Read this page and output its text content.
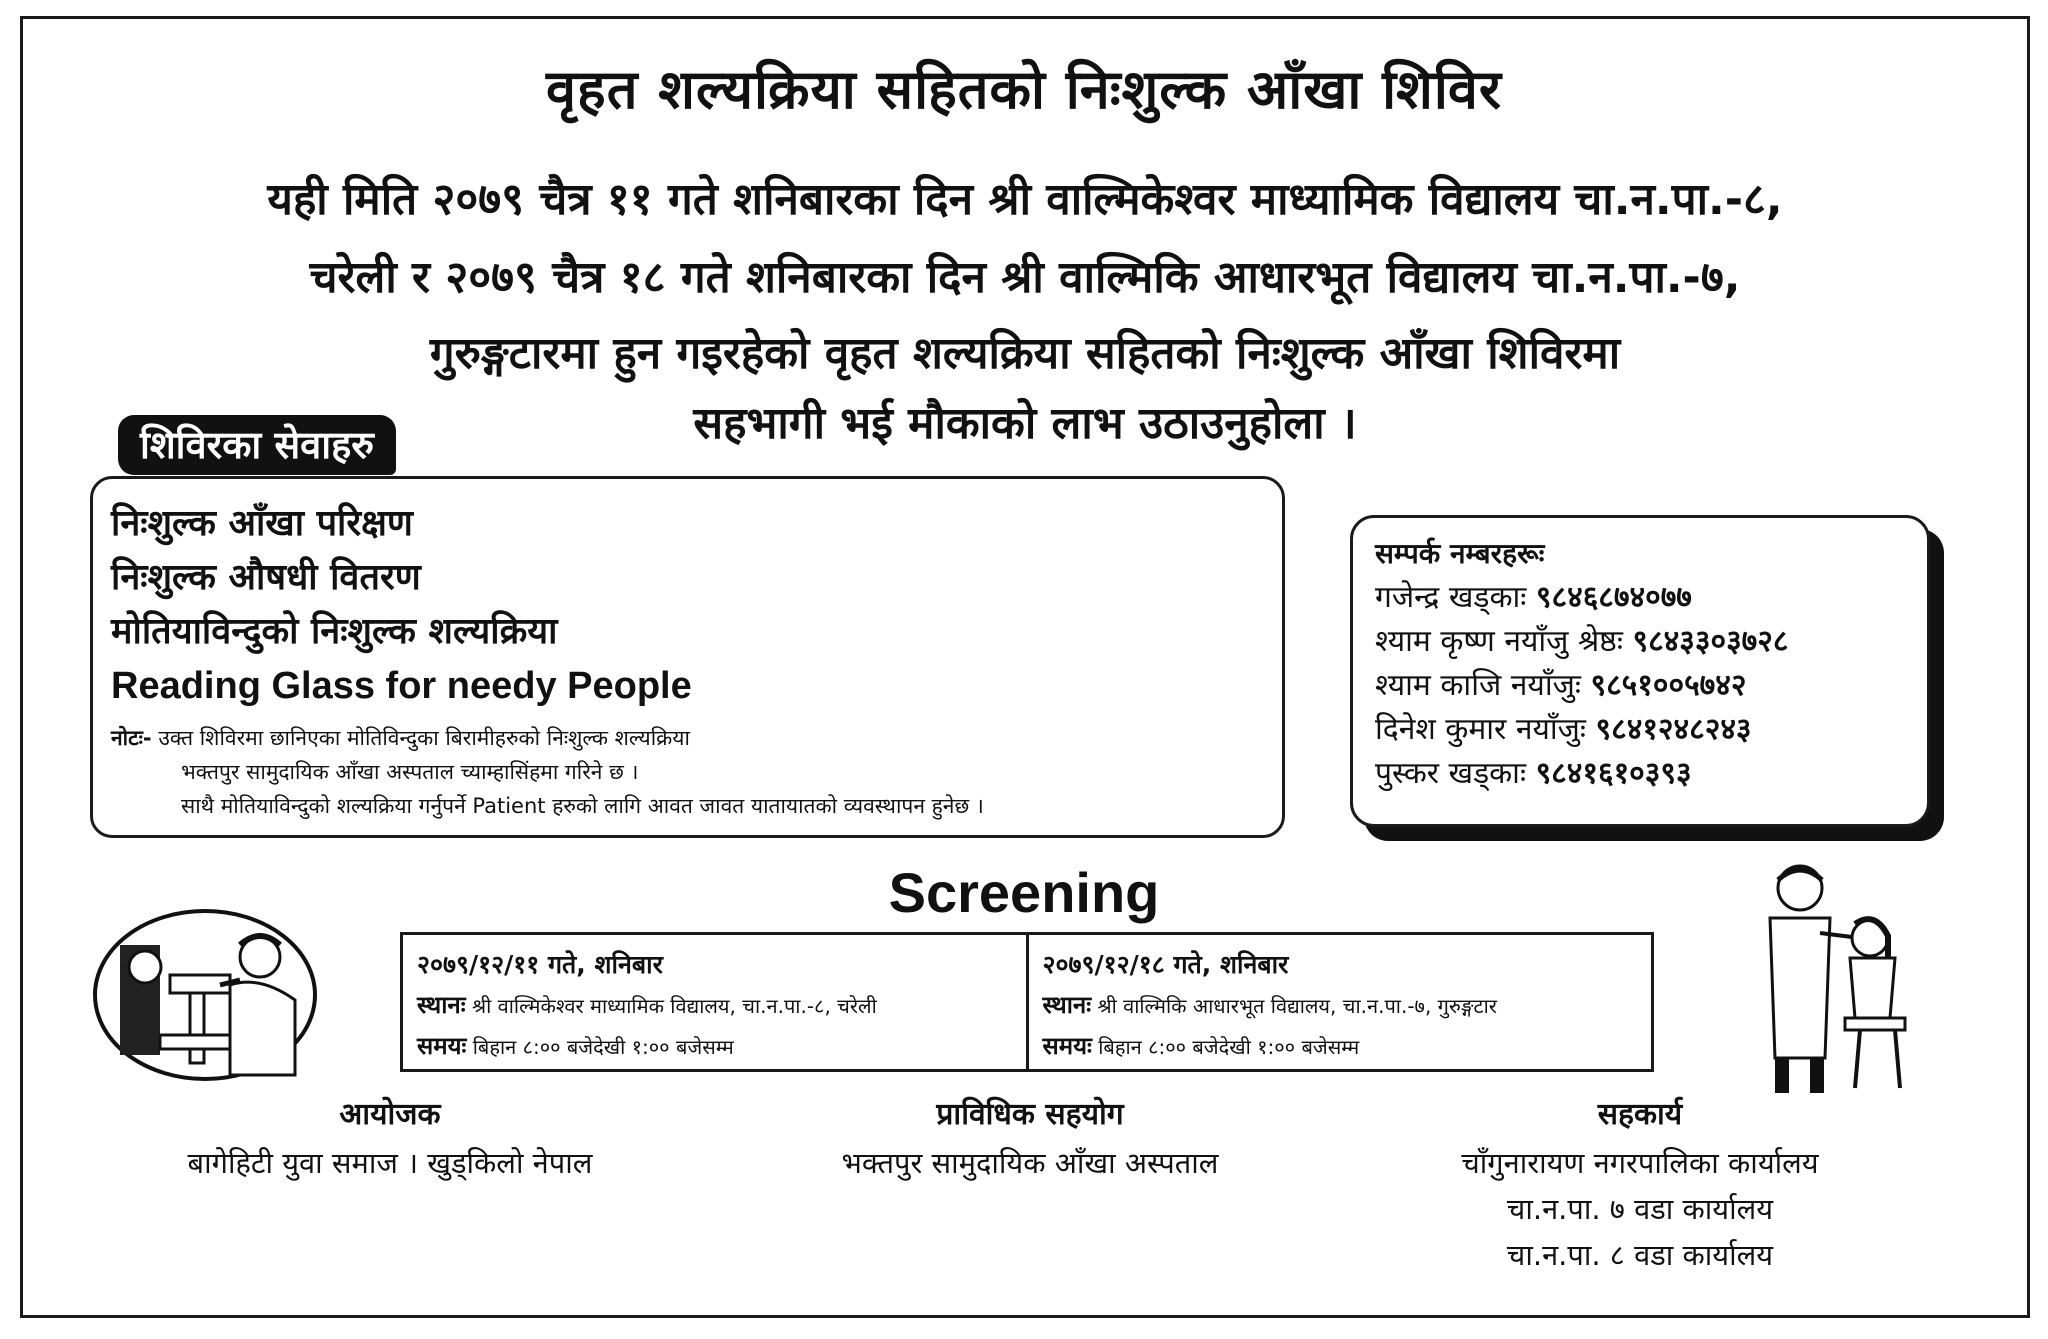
वृहत शल्यक्रिया सहितको निःशुल्क आँखा शिविर
यही मिति २०७९ चैत्र ११ गते शनिबारका दिन श्री वाल्मिकेश्वर माध्यामिक विद्यालय चा.न.पा.-८,
चरेली र २०७९ चैत्र १८ गते शनिबारका दिन श्री वाल्मिकि आधारभूत विद्यालय चा.न.पा.-७,
गुरुङ्गटारमा हुन गइरहेको वृहत शल्यक्रिया सहितको निःशुल्क आँखा शिविरमा
सहभागी भई मौकाको लाभ उठाउनुहोला ।
शिविरका सेवाहरु
निःशुल्क आँखा परिक्षण
निःशुल्क औषधी वितरण
मोतियाविन्दुको निःशुल्क शल्यक्रिया
Reading Glass for needy People
नोटः- उक्त शिविरमा छानिएका मोतिविन्दुका बिरामीहरुको निःशुल्क शल्यक्रिया
भक्तपुर सामुदायिक आँखा अस्पताल च्याम्हासिंहमा गरिने छ ।
साथै मोतियाविन्दुको शल्यक्रिया गर्नुपर्ने Patient हरुको लागि आवत जावत यातायातको व्यवस्थापन हुनेछ ।
सम्पर्क नम्बरहरूः
गजेन्द्र खड्काः ९८४६८७४०७७
श्याम कृष्ण नयाँजु श्रेष्ठः ९८४३३०३७२८
श्याम काजि नयाँजुः ९८५१००५७४२
दिनेश कुमार नयाँजुः ९८४१२४८२४३
पुस्कर खड्काः ९८४१६१०३९३
Screening
२०७९/१२/११ गते, शनिबार
स्थानः श्री वाल्मिकेश्वर माध्यामिक विद्यालय, चा.न.पा.-८, चरेली
समयः बिहान ८:०० बजेदेखी १:०० बजेसम्म
२०७९/१२/१८ गते, शनिबार
स्थानः श्री वाल्मिकि आधारभूत विद्यालय, चा.न.पा.-७, गुरुङ्गटार
समयः बिहान ८:०० बजेदेखी १:०० बजेसम्म
आयोजक
बागेहिटी युवा समाज । खुड्किलो नेपाल
प्राविधिक सहयोग
भक्तपुर सामुदायिक आँखा अस्पताल
सहकार्य
चाँगुनारायण नगरपालिका कार्यालय
चा.न.पा. ७ वडा कार्यालय
चा.न.पा. ८ वडा कार्यालय
